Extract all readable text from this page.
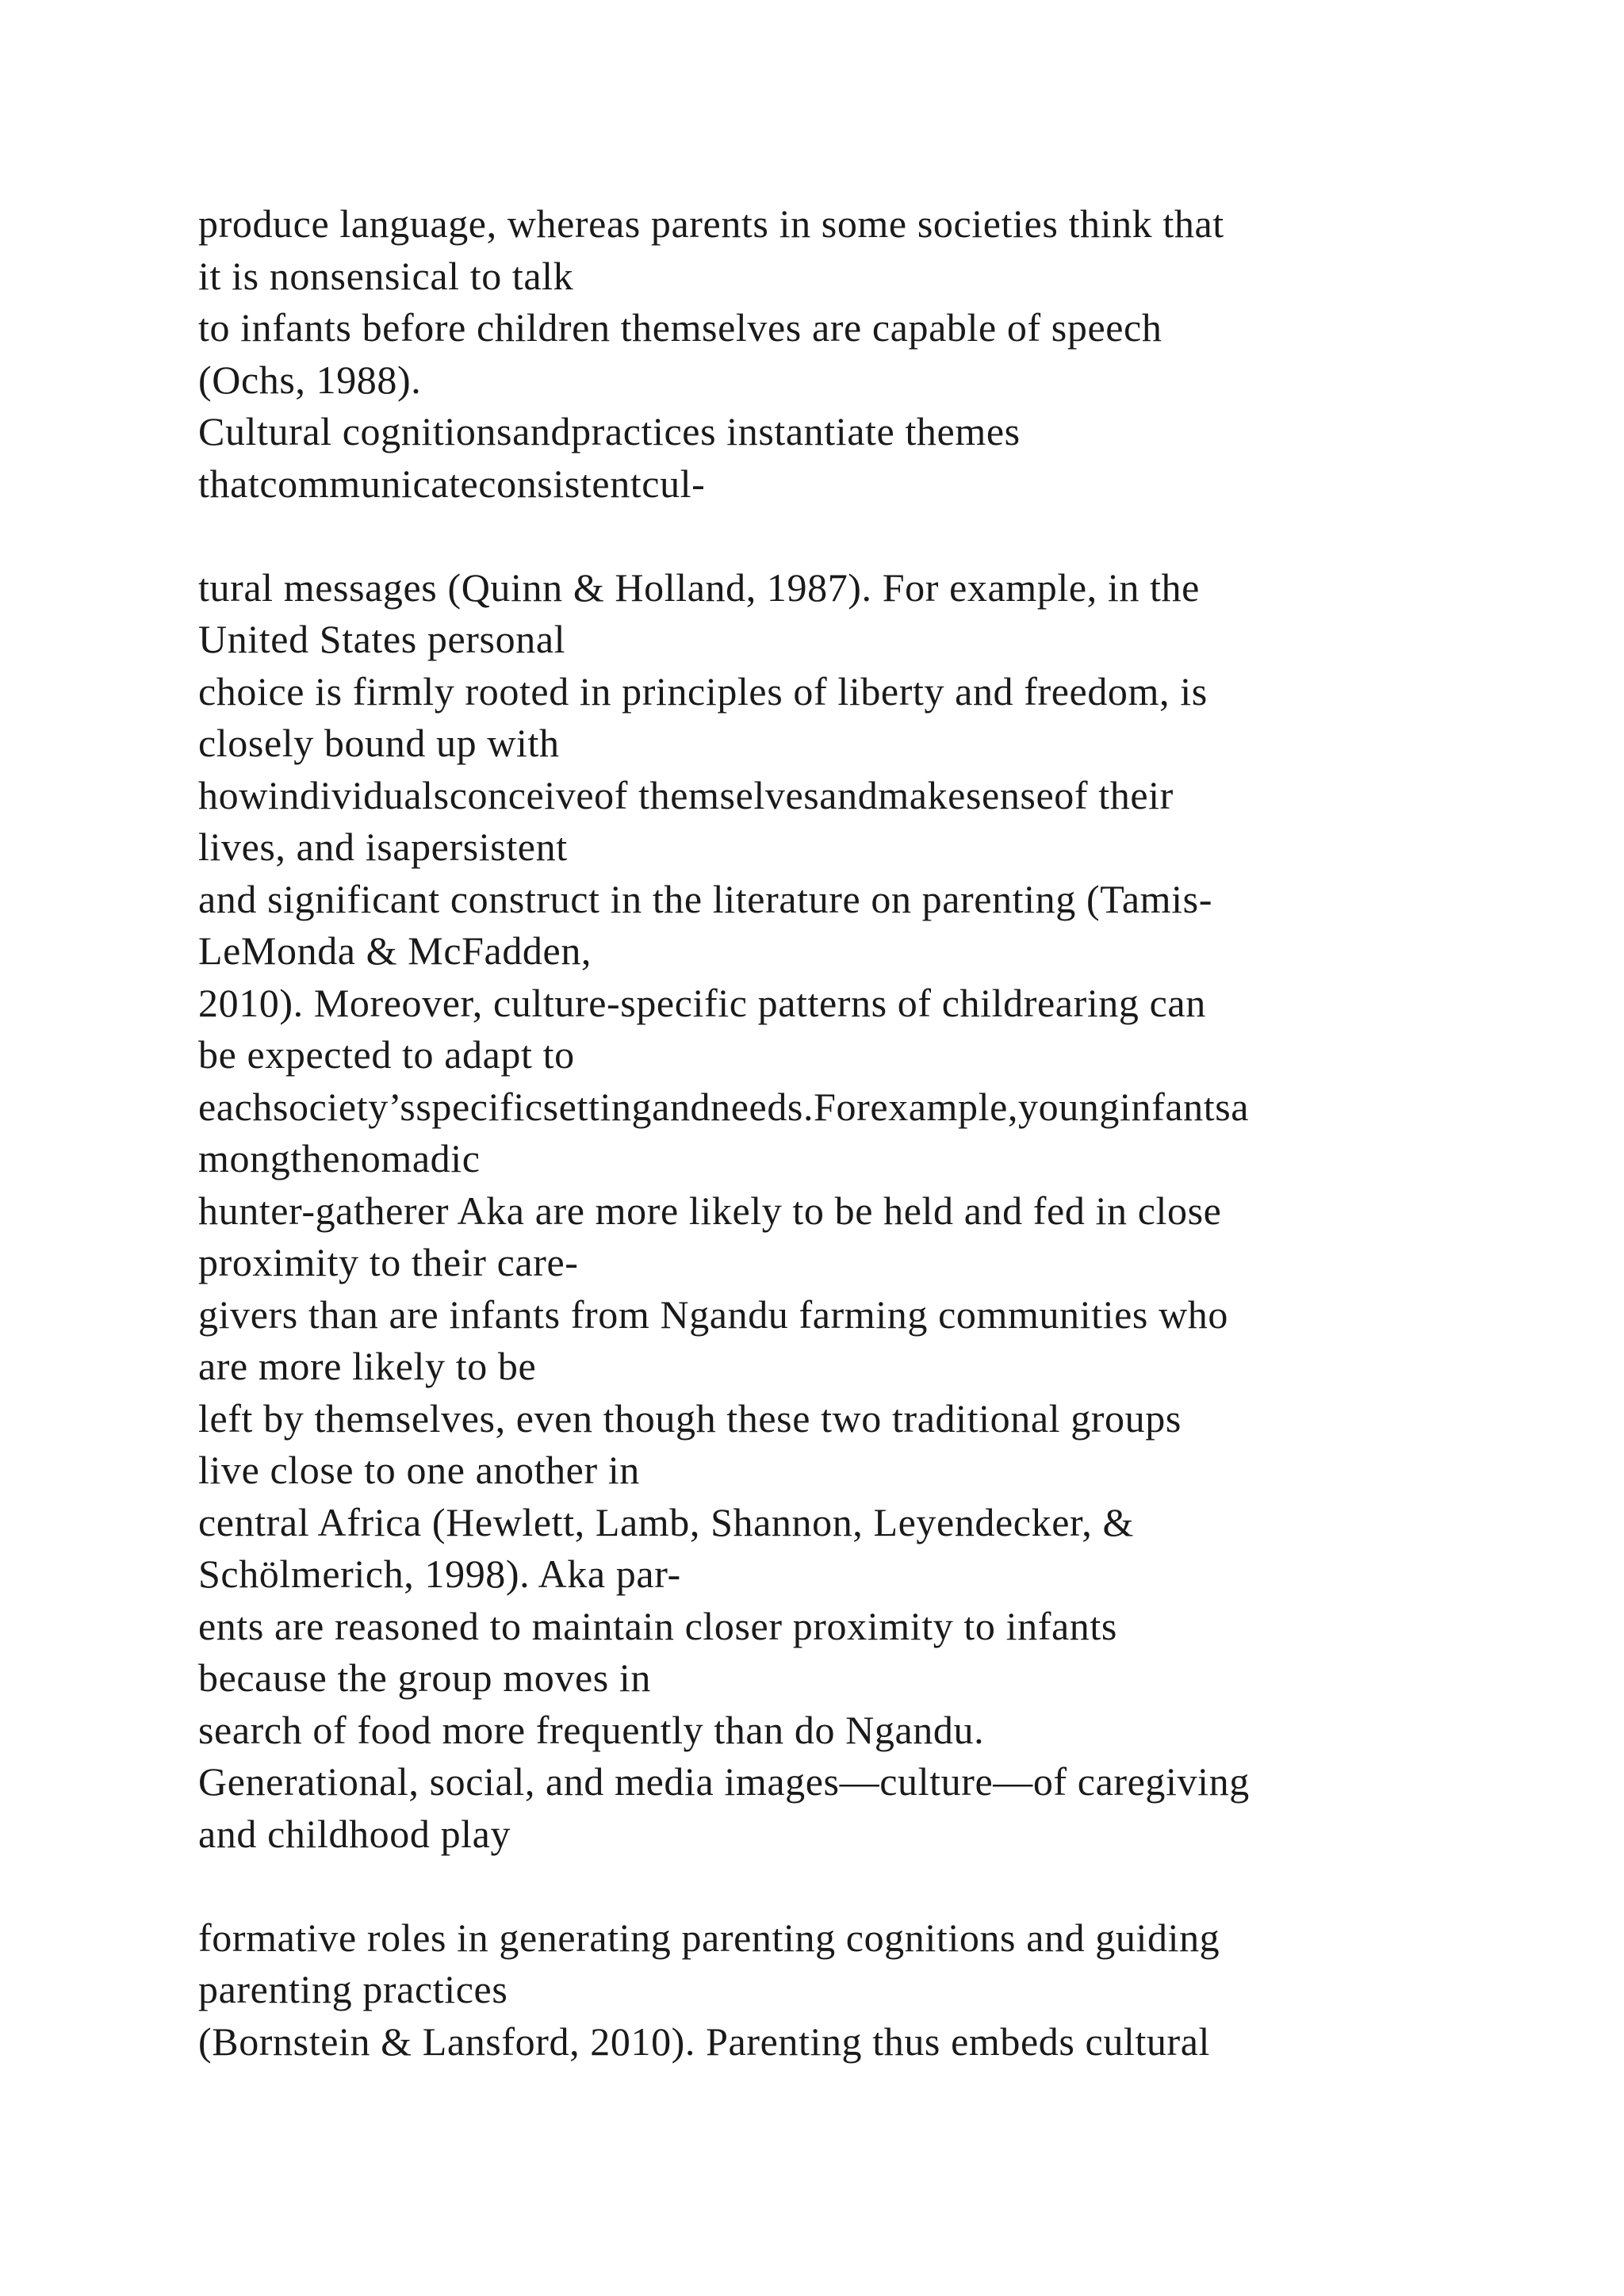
produce language, whereas parents in some societies think that
it is nonsensical to talk
to infants before children themselves are capable of speech
(Ochs, 1988).
Cultural cognitionsandpractices instantiate themes
thatcommunicateconsistentcul-
tural messages (Quinn & Holland, 1987). For example, in the
United States personal
choice is firmly rooted in principles of liberty and freedom, is
closely bound up with
howindividualsconceiveof themselvesandmakesenseof their
lives, and isapersistent
and significant construct in the literature on parenting (Tamis-
LeMonda & McFadden,
2010). Moreover, culture-specific patterns of childrearing can
be expected to adapt to
eachsociety’sspecificsettingandneeds.Forexample,younginfantsa
mongthenomadic
hunter-gatherer Aka are more likely to be held and fed in close
proximity to their care-
givers than are infants from Ngandu farming communities who
are more likely to be
left by themselves, even though these two traditional groups
live close to one another in
central Africa (Hewlett, Lamb, Shannon, Leyendecker, &
Schölmerich, 1998). Aka par-
ents are reasoned to maintain closer proximity to infants
because the group moves in
search of food more frequently than do Ngandu.
Generational, social, and media images—culture—of caregiving
and childhood play
formative roles in generating parenting cognitions and guiding
parenting practices
(Bornstein & Lansford, 2010). Parenting thus embeds cultural
